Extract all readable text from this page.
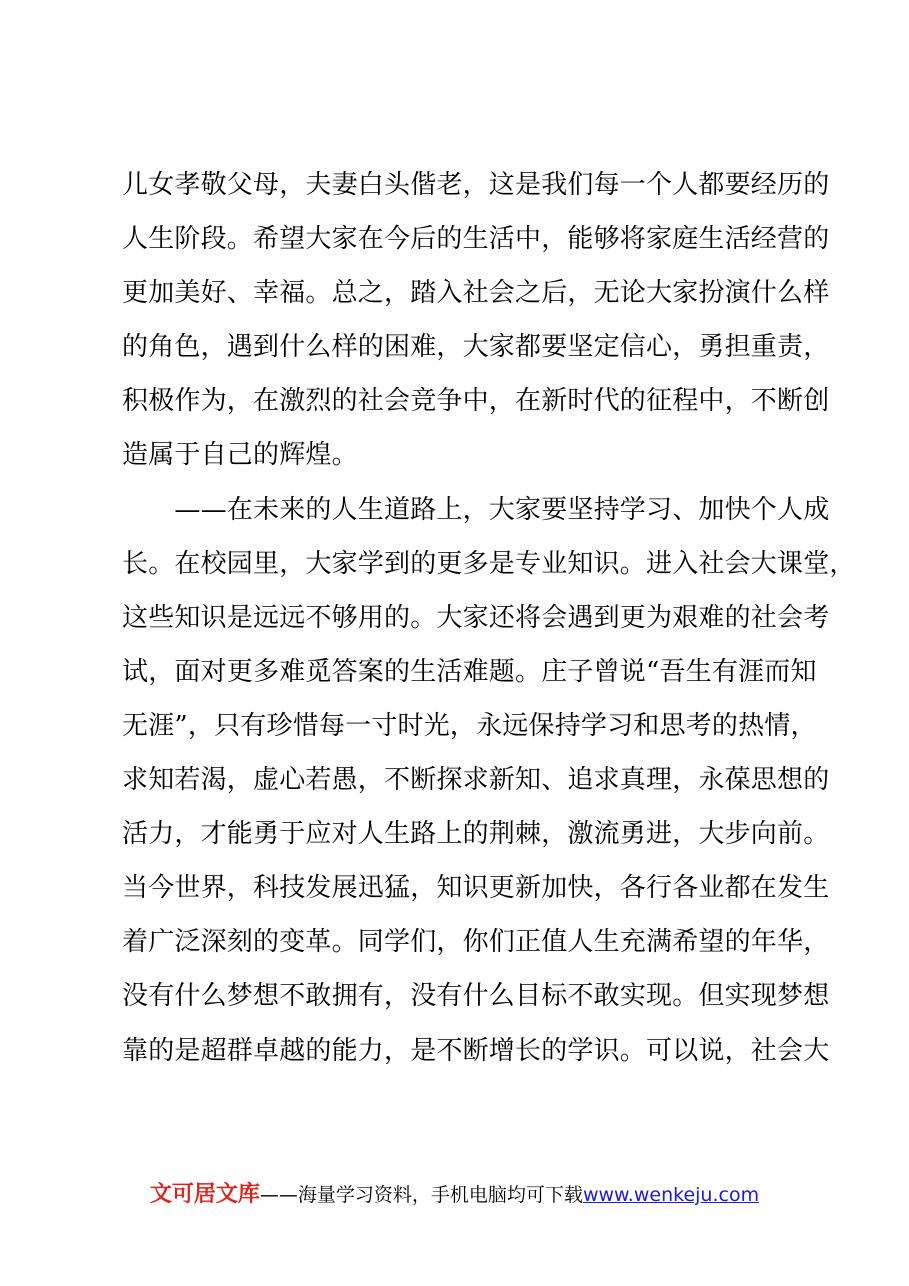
儿女孝敬父母，夫妻白头偕老，这是我们每一个人都要经历的
人生阶段。希望大家在今后的生活中，能够将家庭生活经营的
更加美好、幸福。总之，踏入社会之后，无论大家扮演什么样
的角色，遇到什么样的困难，大家都要坚定信心，勇担重责，
积极作为，在激烈的社会竞争中，在新时代的征程中，不断创
造属于自己的辉煌。
　　——在未来的人生道路上，大家要坚持学习、加快个人成
长。在校园里，大家学到的更多是专业知识。进入社会大课堂，
这些知识是远远不够用的。大家还将会遇到更为艰难的社会考
试，面对更多难觅答案的生活难题。庄子曾说“吾生有涯而知
无涯”，只有珍惜每一寸时光，永远保持学习和思考的热情，
求知若渴，虚心若愚，不断探求新知、追求真理，永葆思想的
活力，才能勇于应对人生路上的荆棘，激流勇进，大步向前。
当今世界，科技发展迅猛，知识更新加快，各行各业都在发生
着广泛深刻的变革。同学们，你们正值人生充满希望的年华，
没有什么梦想不敢拥有，没有什么目标不敢实现。但实现梦想
靠的是超群卓越的能力，是不断增长的学识。可以说，社会大
文可居文库——海量学习资料，手机电脑均可下载www.wenkeju.com
